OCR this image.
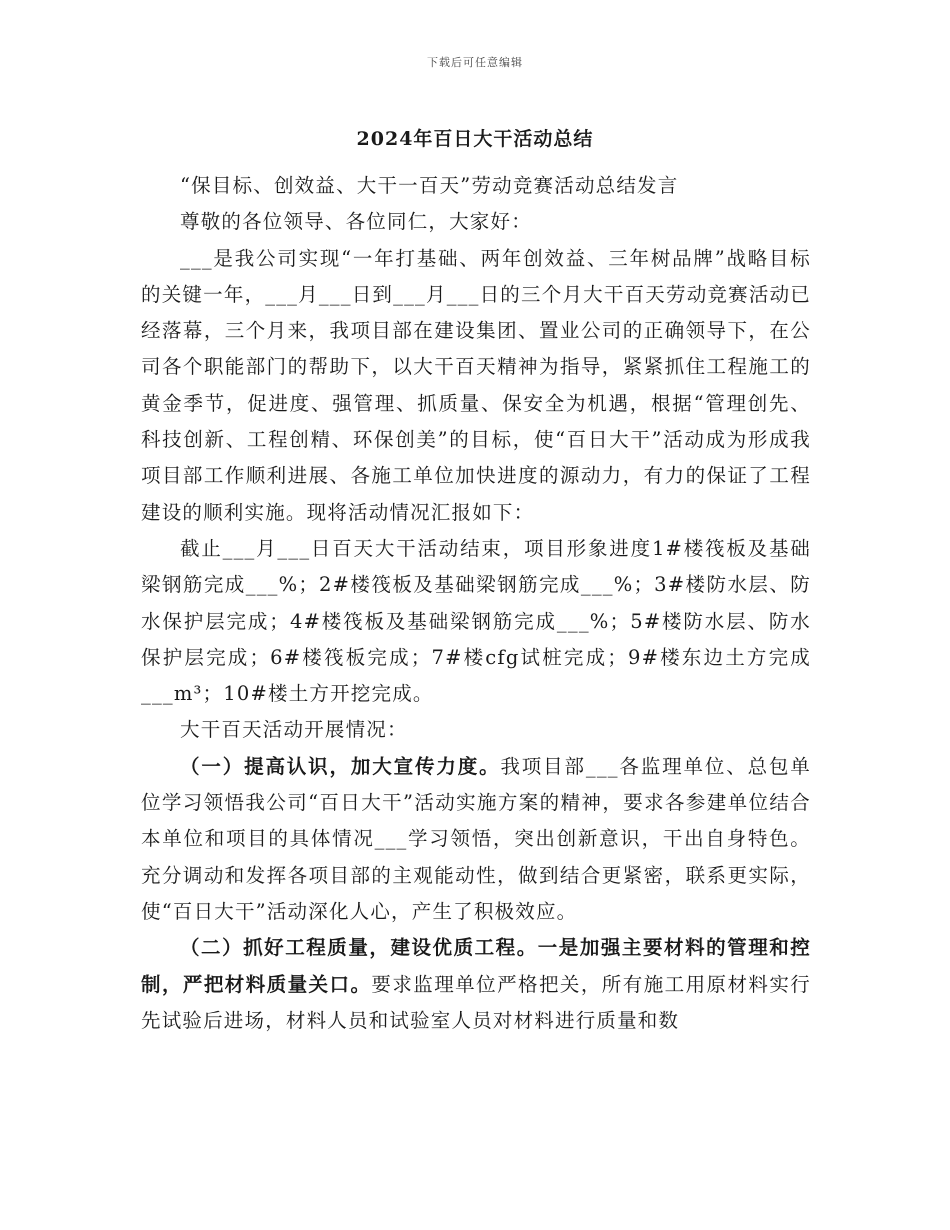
下载后可任意编辑
2024年百日大干活动总结

“保目标、创效益、大干一百天”劳动竞赛活动总结发言

尊敬的各位领导、各位同仁，大家好：

___是我公司实现“一年打基础、两年创效益、三年树品牌”战略目标的关键一年，___月___日到___月___日的三个月大干百天劳动竞赛活动已经落幕，三个月来，我项目部在建设集团、置业公司的正确领导下，在公司各个职能部门的帮助下，以大干百天精神为指导，紧紧抓住工程施工的黄金季节，促进度、强管理、抓质量、保安全为机遇，根据“管理创先、科技创新、工程创精、环保创美”的目标，使“百日大干”活动成为形成我项目部工作顺利进展、各施工单位加快进度的源动力，有力的保证了工程建设的顺利实施。现将活动情况汇报如下：

截止___月___日百天大干活动结束，项目形象进度1#楼筏板及基础梁钢筋完成___%；2#楼筏板及基础梁钢筋完成___%；3#楼防水层、防水保护层完成；4#楼筏板及基础梁钢筋完成___%；5#楼防水层、防水保护层完成；6#楼筏板完成；7#楼cfg试桩完成；9#楼东边土方完成___m³；10#楼土方开挖完成。

大干百天活动开展情况：

（一）提高认识，加大宣传力度。我项目部___各监理单位、总包单位学习领悟我公司“百日大干”活动实施方案的精神，要求各参建单位结合本单位和项目的具体情况___学习领悟，突出创新意识，干出自身特色。充分调动和发挥各项目部的主观能动性，做到结合更紧密，联系更实际，使“百日大干”活动深化人心，产生了积极效应。

（二）抓好工程质量，建设优质工程。一是加强主要材料的管理和控制，严把材料质量关口。要求监理单位严格把关，所有施工用原材料实行先试验后进场，材料人员和试验室人员对材料进行质量和数
